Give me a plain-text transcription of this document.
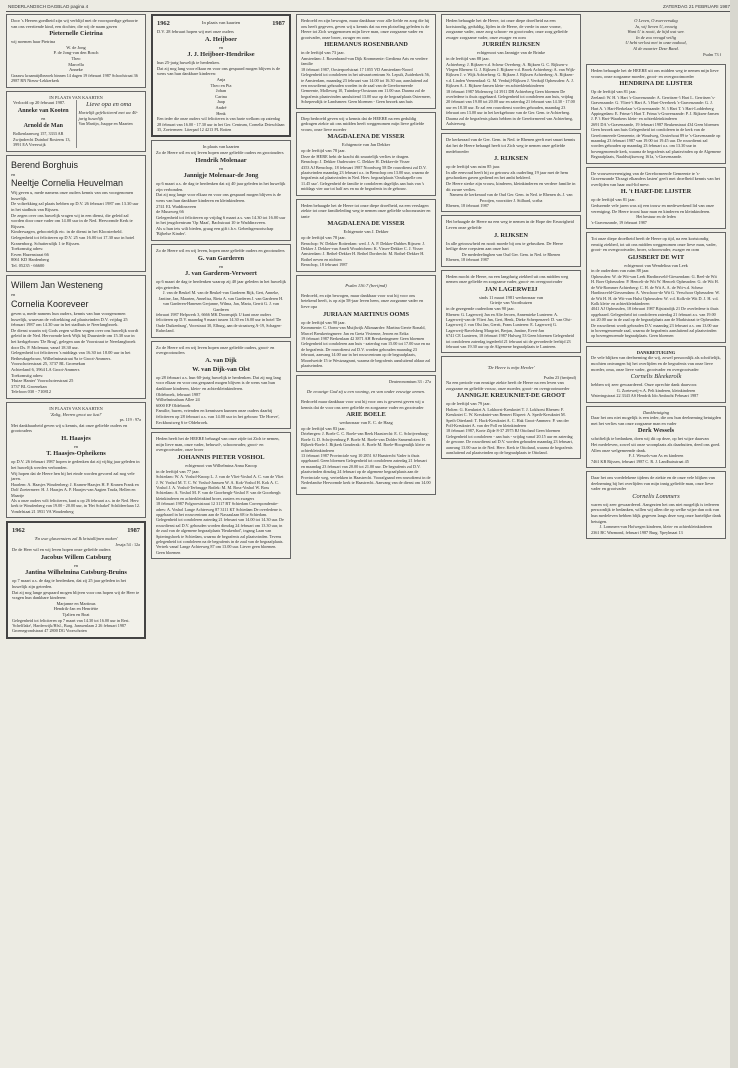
NEDERLANDSCH DAGBLAD pagina 4	ZATERDAG 21 FEBRUARI 1987

Door 's Heeren goedheid zijn wij verblijd met de voorspoedige geboorte van ons veertiende kind, een dochter, die wij de naam gaven

Pieternelle Cietrina

wij noemen haar Pietrina

W. de Jong
P. de Jong-van den Bosch
Theo
Marcella
Anneke

Graauw kraamtijdbezoek binnen 14 dagen 19 februari 1987 Schoolstraat 36 2987 RN Nieuw-Lekkerkerk

IN PLAATS VAN KAARTEN

Verloofd op 20 februari 1987.

Anneke van Kooten

en

Arnold de Man

Bolkenlaanweg 157, 3333 AR Zwijndrecht Duinhof Rosierns 13, 3991 EA Vreeswijk

Lieve opa en oma

Hartelijk gefeliciteerd met uw 40-jarig huwelijk

Van Martijn, Juuppe en Maarten

Berend Borghuis

en

Neeltje Cornelia Heuvelman

Wij geven u, mede namens onze ouders kennis van ons voorgenomen huwelijk.
De voltrekking zal plaats hebben op D.V. 26 februari 1987 om 13.30 uur in het stadhuis van Rijssen.
De zegen over ons huwelijk vragen wij in een dienst, die geleid zal worden door onze vader om 14.00 uur in de Ned. Hervormde Kerk te Rijssen.
Kinderwagen, geboortelijk etc. in de dienst in het Kloosterbeld.
Gelegenheid tot feliciteren op D.V. 25 van 16.00 tot 17.30 uur in hotel Kranenborg. Schuttersdijk 1 te Rijssen.
Toekomstig adres:
Erven Hazenstraat 66
8061 KD Hardenberg
Tel. 05235 - 66600

Willem Jan Westeneng

en

Cornelia Kooreveer

geven u, mede namens hun ouders, kennis van hun voorgenomen huwelijk, waarvan de voltrekking zal plaatsvinden D.V. vrijdag 25 februari 1987 om 14.30 uur in het stadhuis te Neerlangbroek.
De dienst waarin wij Gods zegen willen vragen over ons huwelijk wordt geleid in de Ned. Hervormde kerk Wijk bij Duurstede om 15.30 uur in het kerkgebouw 'De Brug', gelegen aan de Voorstraat te Neerlangbroek door Ds. P. Molenaar, vanaf 18.30 uur.
Gelegenheid tot feliciteren 's middags van 16.30 tot 18.00 uur in het Bethesdagebouw, Wilhelminastraat 9a te Groot-Ammers.
Voorschoterstraat 25, 3737 BL Groenekan
Achterland 6, 3964 LA Groot-Ammers
Toekomstig adres:
'Huize Hanter' Voorschoterstraat 25
3737 BL Groenekan
Telefoon 030 - 710812

IN PLAATS VAN KAARTEN

'Zalig, Heeren groot uw lust!'

ps. 119 : 97a

Met dankbaarheid geven wij u kennis, dat onze geliefde ouders en grootouders

H. Haasjes

en

T. Haasjes-Opheikens

op D.V. 26 februari 1987 hopen te gedenken dat zij vijftig jaar geleden in het huwelijk werden verbonden.
Wij hopen dat de Heere hen bij het einde worden gevoerd zal nog vele jaren.

Haarlem: A. Haasjes Woudenberg: J. Kranen-Haasjes H. P. Kranen Frank en Dolf Zoetermeer: H. J. Haasjes A. P. Haasjes-van Aagten Truda, Hellen en Maartje

Als u onze ouders wilt feliciteren, kunt u op 26 februari a.s. in de Ned. Herv. kerk te Woudenberg van 19.00 - 20.00 uur, in 'Het Schakel' Schildeerlaan 12. Vondelstaat 21 3931 VA Woudenberg

1962	1987

'En uwe glasvensters zal Ik kristallijnen maken'

Jesaja 54 : 12a

De de Heer wil en wij leven hopen onze geliefde ouders

Jacobus Willem Catsburg

en

Jantina Wilhelmina Catsburg-Bruins

op 7 maart a.s. de dag te herdenken, dat zij 25 jaar geleden in het huwelijk zijn getreden.
Dat zij nog lange gespaard mogen blijven voor ons hopen wij de Heer te vragen hun dankbare kinderen:

Marjanne en Martinus
Hendrik-Jan en Henriëtte
Tjalien en Boat

Gelegenheid tot feliciteren op 7 maart van 14.30 tot 16.00 uur in Rest. 'Schelflake', Harderwijk/Hfsl., Burg. Janssenlaan 2 26 februari 1987 Groenegrondstraat 47 2800 DG Voorschoten

1962	In plaats van kaarten	1987

D.V. 28 februari hopen wij met onze ouders

A. Heijboer

en

J. J. Heijboer-Hendrikse

hun 25-jarig huwelijk te herdenken.
Dat zij nog lang voor elkaar en voor ons gespaard mogen blijven is de wens van hun dankbare kinderen:

Anja
Theo en Pia
Johan
Carina
Jaap
André
Henk

Een ieder die onze ouders wil feliciteren is van harte welkom op zaterdag 28 februari van 16.00 - 17.30 uur in het Ger. Centrum, Cornelia Drieschlaan 35, Zoetermeer. Literpad 12 4213 PL Rotten

In plaats van kaarten

Zo de Heere wil en wij leven hopen onze geliefde ouders en grootouders

Hendrik Molenaar

en

Jannigje Molenaar-de Jong

op 6 maart a.s. de dag te herdenken dat zij 40 jaar geleden in het huwelijk zijn verbonden.
Dat zij nog lange voor elkaar en voor ons gespaard mogen blijven is de wens van hun dankbare kinderen en kleinkinderen.
2741 EL Waddinxveen
de Muurweg 66
Gelegenheid tot feliciteren op vrijdag 6 maart a.s. van 14.30 tot 16.00 uur in het jeugdcentrum 'Op Maat', Bachstraat 10 te Waddinxveen.
Als u hun iets wilt bieden, graag een gift t.b.v. Gebedsgenootschap 'Bijbelse Kinder'.

Zo de Heere wil en wij leven, hopen onze geliefde ouders en grootouders

G. van Garderen

en

J. van Garderen-Verwoert

op 6 maart de dag te herdenken waarop zij 40 jaar geleden in het huwelijk zijn getreden.

J. van de Beukel M. van de Beukel-van Garderen Rijk, Gert, Anneke, Jantine, Jan, Maarten, Annelisa, Rieta A. van Garderen J. van Garderen H. van Garderen-Hanesen Gerjanne, Wilma, Jan, Maria, Gerrit G. J. van Garderen

februari 1987 Helpwerk 3, 6666 MK Doornspijk U kunt onze ouders feliciteren op D.V. maandag 9 maart tussen 14.30 en 16.00 uur in hotel 'De Oude Duikenburg', Voorstraat 30, Elburg, aan de straatweg A-19, Schagen-Ruhrcland.

Zo de Heere wil en wij leven hopen onze geliefde ouders, groot- en overgrootouders

A. van Dijk

W. van Dijk-van Olst

op 28 februari a.s. hun 60-jarig huwelijk te herdenken. Dat zij nog lang voor elkaar en voor ons gespaard mogen blijven is de wens van hun dankbare kinderen, klein- en achterkleinkinderen.
Oldebroek, februari 1987
Wilhelminalaan Allee 24
6000 EP Oldebroek
Familie, buren, vrienden en kennissen kunnen onze ouders daarbij feliciteren op 28 februari a.s. van 14.00 uur in het gebouw 'De Hoeve', Eeckhoutweg 6 te Oldebroek.

Heden heeft het de HEERE behaagd van onze zijde tot Zich te nemen, mijn lieve man, onze vader, behuwd-, schoonvader, groot- en overgrootvader, onze broer

JOHANNIS PIETER VOSHOL

echtgenoot van Wilhelmina Anna Knoop

in de leeftijd van 77 jaar.

Schiedam: W. A. Voshol-Knoop L. J. van de Vliet-Voshol A. C. van de Vliet J. W. Voshol M. T. C. W. Voshol-Janssen W. A. Kok-Voshol H. Kok A. C. Voshol J. A. Voshol-Terbrugge Botlek: M. M. Boss-Voshol W. Boss Schiedam: A. Voshol M. F. van de Goorbergh-Voshol F. van de Goorbergh kleinkinderen en achterkleinkind broer, zusters en zwagers

18 februari 1987 Polgroeststraat 12 3117 BT Schiedam Correspondentie-adres: A. Voshol Lange Achterweg 87 3111 KT Schiedam De overledene is opgebaard in het rouwcentrum aan de Nassaulaan 68 te Schiedam. Gelegenheid tot condoleren zaterdag 21 februari van 14.00 tot 14.30 uur. De rouwdienst zal D.V. gehouden worden dinsdag 24 februari om 13.30 uur, in de zaal van de algemene begraafplaats 'Beukenhof', ingang Laan van Spieringshoek te Schiedam, waarna de begrafenis zal plaatsvinden. Tevens gelegenheid tot condoleren na de begrafenis in de zaal van de begraafplaats. Vertrek vanaf Lange Achterweg 87 om 13.00 uur. Liever geen bloemen. Geen bloemen

Bedroefd en zijn bewogen, maar dankbaar voor alle liefde en zorg die hij ons heeft gegeven, geven wij u kennis dat na een plotseling geleden is de Heere tot Zich weggenomen mijn lieve man, onze zorgzame vader en grootvader, onze broer, zwager en oom

HERMANUS ROSENBRAND

in de leeftijd van 73 jaar.

Amsterdam: J. Rosenbrand-van Dijk Krommenie: Gerdiena Aris en verdere familie

18 februari 1987, Oosterpoelstraat 17 1055 VD Amsterdam-Noord Gelegenheid tot condoleren in het uitvaartcentrum Sr. Lepult, Zuiderkerk 56, te Amsterdam, maandag 23 februari van 14.00 tot 16.30 uur, aansluitend zal een rouwdienst gehouden worden in de zaal van de Gereformeerde Gemeente, Molleweg 10, Tuindorp-Oostzaan om 11.00 uur. Daarna zal de begrafenis plaatsvinden aansluitend 13.00 uur op de begraafplaats Ostermeer, Schepersdijk te Landsmeer. Geen bloemen - Geen bezoek aan huis

Diep bedroefd geven wij u kennis dat de HEERE na een geduldig gedragen ziekte uit ons midden heeft weggenomen mijn lieve geliefde vrouw, onze lieve moeder

MAGDALENA DE VISSER

Echtgenote van Jan Dekker

op de leeftijd van 78 jaar.

Deze de HERE hebt de kracht dit smartelijk verlies te dragen.

Benschop: J. Dekker Oudewater: C. Dekker H. Dekker-de Visser

4353 AJ Benschop, 18 februari 1987 Noordweg 58 De rouwdienst zal D.V. plaatsvinden maandag 23 februari a.s. in Benschop om 13.00 uur, waarna de begrafenis zal plaatsvinden in Ned. Herv. begraafplaats 'Oostkapelle om 11.45 uur'. Gelegenheid de familie te condoleren dagelijks aan huis van 's middags vier uur tot half zes en na de begrafenis in de gebouw.

Heden behaagde het de Heere tot onze diepe droefheid, na een verslagen ziekte tot onze familieleding weg te nemen onze geliefde schoonzuster en tante

MAGDALENA DE VISSER

Echtgenote van J. Dekker

op de leeftijd van 78 jaar.

Benschop: W. Dekker Rotterdam: wed. J. A. P. Dekker-Dubbes Rijssen: J. Dekker J. Dekker-van Ameli Woudrichem: K. Visser-Dekker C. J. Visser Amsterdam: J. Bethel-Dekker H. Bethel Dordrecht: M. Bothel-Dekker H. Bothel neven en nichten

Benschop, 18 februari 1987

Psalm 116:7 (berijmd)

Bedroefd, en zijn bewogen, maar dankbaar voor wat hij voor ons betekend heeft, is op zijn 58-jaar leven heen, onze zorgzame vader en lieve opa

JURIAAN MARTINUS OOMS

op de leeftijd van 90 jaar.

Krommenie: C. Ooms-van Muijlwijk Alkmaarder: Martina Gerrie Ronald, Marcel Breukeringmeer: Jan en Greta Vivienne, Jeroen en Erika

19 februari 1987 Berkenlaan 42 3871 AH Breukeringmeer Geen bloemen Gelegenheid tot condoleren aan huis - zaterdag van 15.00 tot 17.00 uur en na de begrafenis. De rouwdienst zal D.V. worden gehouden maandag 23 februari, aanvang 14.00 uur in het rouwcentrum op de begraafplaats, Moordweide 15 te Westzaagrant, waarna de begrafenis aansluitend aldaar zal plaatsvinden.

Deuteronomium 33 : 27a

De eeuwige God zij u een woning, en van onder eeuwige armen.

Bedroefd maar dankbaar voor wat hij voor ons is geweest geven wij u kennis dat de voor ons zeer geliefde en zorgzame vader en grootvader

ARIE BOELE

weduwnaar van E. C. de Haag

op de leeftijd van 83 jaar.

Driebergen: J. Boele C. C. Boele-van Beek Haastrecht: E. C. Schrijvenburg-Boele G. D. Schrijvenburg P. Boele M. Boele-van Dolder Samensloten: H. Bijkerk-Boele J. Bijkerk Gouderak: A. Boele M. Boele-Hoogendijk klein- en achterkleinkinderen

13 februari 1987 Provinciale weg 10 2851 SJ Haastrecht Vader is thuis opgebaard. Geen bloemen Gelegenheid tot condoleren zaterdag 21 februari en maandag 23 februari van 20.00 tot 21.00 uur. De begrafenis zal D.V. plaatsvinden dinsdag 24 februari op de algemene begraafplaats aan de Provinciale weg, vertrekken in Haastrecht. Voorafgaand een rouwdienst in de Nederlandse Hervormde kerk te Haastrecht. Aanvang van de dienst om 14.00 uur.

Heden behaagde het de Heere, tot onze diepe droefheid na een kortstondig, geduldig, lijden in de Heere, de vrede in onze vrome, zorgzame vader, onze zorg schoon- en grootvader, onze zorg geliefde zwager zorgzame vader, onze zwager en oom

JURRIËN RIJKSEN

echtgenoot van Jannigje van de Brinke

in de leeftijd van 88 jaar.

Achterberg: J. Rijksen-v.d. Scheur Overberg: A. Rijksen G. C. Rijksen-v. Vlegen Rhenen: G. J. Rijksen J. Rijksen-v.d. Broek Achterberg: A. van Wijk-Rijksen J. v. Wijk Achterberg: G. Rijksen J. Rijksen Achterberg: A. Rijksen-v.d. Linden Veenendaal: G. M. Verduijl-Rijksen J. Verduijl Opheusden: A. J. Rijksen A. J. Rijksen-Jansen klein- en achterkleinkinderen

18 februari 1987 Molenweg 14 3911 DB Achterberg Geen bloemen De overledene is thuis opgebaard. Gelegenheid tot condoleren aan huis, vrijdag 20 februari van 19.00 tot 20.00 uur en zaterdag 21 februari van 14.30 - 17.00 uur en 18.30 uur. Er zal een rouwdienst worden gehouden, maandag 23 februari om 13.00 uur in het kerkgebouw van de Ger. Gem. te Achterberg. Daarna zal de begrafenis plaats hebben in de Gereformeerd van Achterberg, Aalsterweg.

De kerkeraad van de Ger. Gem. in Ned. te Rhenen geeft met smart kennis dat het de Heere behaagd heeft tot Zich weg te nemen onze geliefde medebroeder

J. RIJKSEN

op de leeftijd van ruim 85 jaar.

In alle eenvoud heeft hij zo getrouw als ouderling 19 jaar met de hem geschonken gaven gediend en het ambt bekleed.
De Heere sterke zijn vrouw, kinderen, kleinkinderen en verdere familie in dit zware verlies.

Namens de kerkeraad van de Oud Ger. Gem. in Ned. te Rhenen ds. J. van Prooijen, voorzitter J. Stilhard, scriba

Rhenen, 18 februari 1987

Het behaagde de Heere na een weg te nemen in de Hope der Eeuwigheid Leven onze geliefde

J. RIJKSEN

In alle getrouwheid en nooit moede bij ons te gebruiken. De Heere heilige deze roepstem aan onze hart

De mededeelinghen van Oud Ger. Gem. in Ned. te Rhenen

Rhenen, 18 februari 1987

Heden mocht de Heere, na een langdurig ziekbed uit ons midden weg nemen onze geliefde en zorgzame vader, groot- en overgrootvader

JAN LAGERWEIJ

sinds 11 maart 1981 weduwnaar van
Grietje van Voorthuizen

in de gezegende ouderdom van 90 jaar.

Rhenen: G. Lagerweij Jan en Alie Jeroen, Annemieke Lunteren: A. Lagerweij-van de Vliert Jan, Gert, Henk, Dieke Scherpenzeel: D. van Olst-Lagerweij J. van Olst Jan, Gerrit, Frans Lunteren: E. Lagerweij G. Lagerweij-Ravelsberg Margriet, Berjan, Jantine, Evert-Jan

6741 CE Lunteren, 18 februari 1987 Hulweg 53 Geen bloemen Gelegenheid tot condoleren zaterdag ingedeeld 21 februari uit de gevorderde leeftijd 23 februari van 19.30 uur op de Algemene begraafplaats te Lunteren.

'De Heere is mijn Herder'

Psalm 23 (berijmd)

Na een periode van ernstige ziekte heeft de Heere na een leven van zorgzame en geliefde vrouw, onze moeder, groot- en overgrootmoeder

JANNIGJE KREUKNIET-DE GROOT

op de leeftijd van 79 jaar.

Holten: G. Kreukniet A. Lokhorst-Kreukniet T. J. Lokhorst Rhenen: F. Kreukniet C. W. Kreukniet-van Remert Elspeet: A. Speth-Kreukniet M. Speth Otterland: T. Hack-Kreukniet A. C. Hak Groot-Ammers: P. van der Poll-Kreukniet A. van der Poll en kleinkinderen

18 februari 1987, Korte Zijde 8-37 2975 BJ Ottoland Geen bloemen Gelegenheid tot condoleren - aan huis - vrijdag vanaf 20.15 uur en zaterdag de gewone. De rouwdienst zal D.V. worden gehouden maandag 23 februari, aanvang 13.00 uur in de Ned. Herv. Kerk te Ottoland, waarna de begrafenis aansluitend zal plaatsvinden op de begraafplaats te Ottoland.

O Leven, O zwerversdag
Ja, wij lieven U, eeuwig
Want U is nooit, de hijd wat wer.
In de zoo vreugd veilig
U hebt verlost mei in onze nadood,
Al de maarter Deze Band.

Psalm 73 f

Heden behaagde het de HEERE uit ons midden weg te nemen mijn lieve vrouw, onze zorgzame moeder, groot- en overgrootmoeder

HENDRINA DE LIJSTER

Op de leeftijd van 81 jaar.

Zeeland: W. H. 't Hart 's-Gravenzande: A. Gerritsen-'t Hart L. Gerritsen 's-Gravenzande: G. Vliert-'t Hart A. 't Hart-Overbeek 's-Gravenzande: G. J. Hart A. 't Hart-Berkelaar 's-Gravenzande: N. 't Hart T. 't Hart-Lodderberg Appingedam: E. Frima-'t Hart T. Frima 's-Gravenzande: P. J. Rijksen-Jansen J. P. 't Hart-Waarkens klein- en achterkleinkinderen

2691 DA 's-Gravenzande, 19 februari 1987 Beukenstraat 434 Geen bloemen Geen bezoek aan huis Gelegenheid tot condoleren in de kerk van de Gereformeerde Gemeente, de Woudweg, Oosterhout 89 te 's-Gravenzande op maandag 23 februari 1987 van 19.00 tot 19.45 uur. De rouwdienst zal worden gehouden op maandag 23 februari a.s. om 13.30 uur in bovengenoemde kerk, waarna de begrafenis zal plaatsvinden op de Algemene Begraafplaats, Naaldwijkseweg 161a, 's-Gravenzande.

De vrouwenvereniging van de Gereformeerde Gemeente te 's-Gravenzande 'Draagt elkanders lasten' geeft met droefheid kennis van het overlijden van haar oud-lid mevr.

H. 't HART-DE LIJSTER

op de leeftijd van 81 jaar.

Gedurende vele jaren was zij een trouw en medewerkend lid van onze vereniging. De Heere troost haar man en kinderen en kleinkinderen.

Het bestuur en de leden

's-Gravenzande, 19 februari 1987

Tot onze diepe droefheid heeft de Heere op tijd, na een kortstondig ernstig ziekbed, tot uit ons midden weggenomen onze lieve man, vader, groot- en overgrootvader, broer, schoonvader, zwager en oom

GIJSBERT DE WIT

echtgenoot van Wendelina van Leek

in de ouderdom van ruim 88 jaar.

Opheusden: W. de Wit-van Leek Hardinxveld-Giessendam: G. Reel-de Wit H. Boer Opheusden: P. Hencelt-de Wit W. Hencelt Opheusden: G. de Wit H. de Wit-Rommer Achterberg: C. H. de Wit A. A. de Wit-v.d. Scheur Hardinxveld-Giessendam: A. Verschoor-de Wit G. Verschoor Opheusden: W. de Wit H. H. de Wit-van Hulst Opheusden: W. v.d. Kolk-de Wit D. J. H. v.d. Kolk klein- en achterkleinkinderen

4041 AJ Opheusden, 18 februari 1987 Bijstatsdijk 21 De overledene is thuis opgebaard. Gelegenheid tot condoleren zaterdag 21 februari a.s. van 19.00 tot 20.00 uur in de zaal op de begraafplaats aan de Marktstraat te Opheusden. De rouwdienst wordt gehouden D.V. maandag 23 februari a.s. om 13.00 uur in bovengenoemde zaal, waarna de begrafenis aansluitend zal plaatsvinden op bovengenoemde begraafplaats. Geen bloemen

DANKBETUIGING

De vele blijken van deelneming die wij, zowel persoonlijk als schriftelijk, mochten ontvangen bij het overlijden en de begrafenis van onze lieve moeder, oma, onze lieve vader, grootvader en overgrootvader

Cornelis Bleekerolk

hebben wij zeer gewaardeerd. Onze oprechte dank daarvoor.

G. Zoeteweij-v.A. Pelt kinderen, kleinkinderen

Wateringstraat 22 3343 AS Hendrik Ido Ambacht Februari 1987

Dankbetuiging

Daar het ons niet mogelijk is een ieder, die ons hun deelneming betuigden met het verlies van onze zorgzame man en vader

Derk Wessels

schriftelijk te bedanken, doen wij dit op deze, op het wijze daarvan
Het medeleven, zowel uit onze woonplaats als daarbuiten, deed ons goed.
Allen onze welgemeende dank.

F. J. Wessels-van As en kinderen

7461 KB Rijssen, februari 1987 C. R. J. Landhuisstraat 45

Daar het ons voedelekene tijdens de ziekte en de onze vele blijken van deelneming bij het overlijden van mijn innig geliefde man, onze lieve vader en grootvader

Cornelis Lommers

waren wij zeer gewaardeerd. Aangezien het ons niet mogelijk is iedereen persoonlijk te bedanken, willen wij allen die op welke wijze dan ook van hun medeleven hebben blijk gegeven langs deze weg onze hartelijke dank betuigen.

J. Lommers-van Hofwegen kinderen, klein- en achterkleinkinderen

2361 BC Warmond, februari 1987 Burg. Ypeylmaat 13
